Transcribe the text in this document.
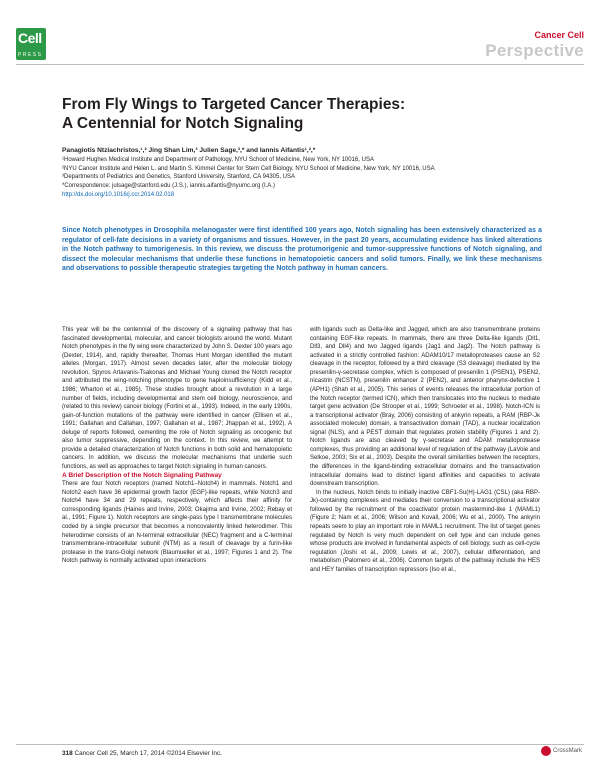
Cell
PRESS
Cancer Cell
Perspective
From Fly Wings to Targeted Cancer Therapies:
A Centennial for Notch Signaling
Panagiotis Ntziachristos,¹,² Jing Shan Lim,³ Julien Sage,³,* and Iannis Aifantis¹,²,*
¹Howard Hughes Medical Institute and Department of Pathology, NYU School of Medicine, New York, NY 10016, USA
²NYU Cancer Institute and Helen L. and Martin S. Kimmel Center for Stem Cell Biology, NYU School of Medicine, New York, NY 10016, USA
³Departments of Pediatrics and Genetics, Stanford University, Stanford, CA 94305, USA
*Correspondence: julsage@stanford.edu (J.S.), iannis.aifantis@nyumc.org (I.A.)
http://dx.doi.org/10.1016/j.ccr.2014.02.018
Since Notch phenotypes in Drosophila melanogaster were first identified 100 years ago, Notch signaling has been extensively characterized as a regulator of cell-fate decisions in a variety of organisms and tissues. However, in the past 20 years, accumulating evidence has linked alterations in the Notch pathway to tumorigenesis. In this review, we discuss the protumorigenic and tumor-suppressive functions of Notch signaling, and dissect the molecular mechanisms that underlie these functions in hematopoietic cancers and solid tumors. Finally, we link these mechanisms and observations to possible therapeutic strategies targeting the Notch pathway in human cancers.

This year will be the centennial of the discovery of a signaling pathway that has fascinated developmental, molecular, and cancer biologists around the world. Mutant Notch phenotypes in the fly wing were characterized by John S. Dexter 100 years ago (Dexter, 1914), and, rapidly thereafter, Thomas Hunt Morgan identified the mutant alleles (Morgan, 1917). Almost seven decades later, after the molecular biology revolution, Spyros Artavanis-Tsakonas and Michael Young cloned the Notch receptor and attributed the wing-notching phenotype to gene haploinsufficiency (Kidd et al., 1986; Wharton et al., 1985). These studies brought about a revolution in a large number of fields, including developmental and stem cell biology, neuroscience, and (related to this review) cancer biology (Fortini et al., 1993). Indeed, in the early 1990s, gain-of-function mutations of the pathway were identified in cancer (Ellisen et al., 1991; Gallahan and Callahan, 1997; Gallahan et al., 1987; Jhappan et al., 1992). A deluge of reports followed, cementing the role of Notch signaling as oncogenic but also tumor suppressive, depending on the context. In this review, we attempt to provide a detailed characterization of Notch functions in both solid and hematopoietic cancers. In addition, we discuss the molecular mechanisms that underlie such functions, as well as approaches to target Notch signaling in human cancers.

A Brief Description of the Notch Signaling Pathway

There are four Notch receptors (named Notch1–Notch4) in mammals. Notch1 and Notch2 each have 36 epidermal growth factor (EGF)-like repeats, while Notch3 and Notch4 have 34 and 29 repeats, respectively, which affects their affinity for corresponding ligands (Haines and Irvine, 2003; Okajima and Irvine, 2002; Rebay et al., 1991; Figure 1). Notch receptors are single-pass type I transmembrane molecules coded by a single precursor that becomes a noncovalently linked heterodimer. This heterodimer consists of an N-terminal extracellular (NEC) fragment and a C-terminal transmembrane-intracellular subunit (NTM) as a result of cleavage by a furin-like protease in the trans-Golgi network (Blaumueller et al., 1997; Figures 1 and 2). The Notch pathway is normally activated upon interactions

with ligands such as Delta-like and Jagged, which are also transmembrane proteins containing EGF-like repeats. In mammals, there are three Delta-like ligands (Dll1, Dll3, and Dll4) and two Jagged ligands (Jag1 and Jag2). The Notch pathway is activated in a strictly controlled fashion: ADAM10/17 metalloproteases cause an S2 cleavage in the receptor, followed by a third cleavage (S3 cleavage) mediated by the presenilin-γ-secretase complex, which is composed of presenilin 1 (PSEN1), PSEN2, nicastrin (NCSTN), presenilin enhancer 2 (PEN2), and anterior pharynx-defective 1 (APH1) (Shah et al., 2005). This series of events releases the intracellular portion of the Notch receptor (termed ICN), which then translocates into the nucleus to mediate target gene activation (De Strooper et al., 1999; Schroeter et al., 1998). Notch-ICN is a transcriptional activator (Bray, 2006) consisting of ankyrin repeats, a RAM (RBP-Jκ associated molecule) domain, a transactivation domain (TAD), a nuclear localization signal (NLS), and a PEST domain that regulates protein stability (Figures 1 and 2). Notch ligands are also cleaved by γ-secretase and ADAM metalloprotease complexes, thus providing an additional level of regulation of the pathway (LaVoie and Selkoe, 2003; Six et al., 2003). Despite the overall similarities between the receptors, the differences in the ligand-binding extracellular domains and the transactivation intracellular domains lead to distinct ligand affinities and capacities to activate downstream transcription.

In the nucleus, Notch binds to initially inactive CBF1-Su(H)-LAG1 (CSL) (aka RBP-Jκ)-containing complexes and mediates their conversion to a transcriptional activator followed by the recruitment of the coactivator protein mastermind-like 1 (MAML1) (Figure 2; Nam et al., 2006; Wilson and Kovall, 2006; Wu et al., 2000). The ankyrin repeats seem to play an important role in MAML1 recruitment. The list of target genes regulated by Notch is very much dependent on cell type and can include genes whose products are involved in fundamental aspects of cell biology, such as cell-cycle regulation (Joshi et al., 2009; Lewis et al., 2007), cellular differentiation, and metabolism (Palomero et al., 2006). Common targets of the pathway include the HES and HEY families of transcription repressors (Iso et al.,

318 Cancer Cell 25, March 17, 2014 ©2014 Elsevier Inc.	CrossMark
